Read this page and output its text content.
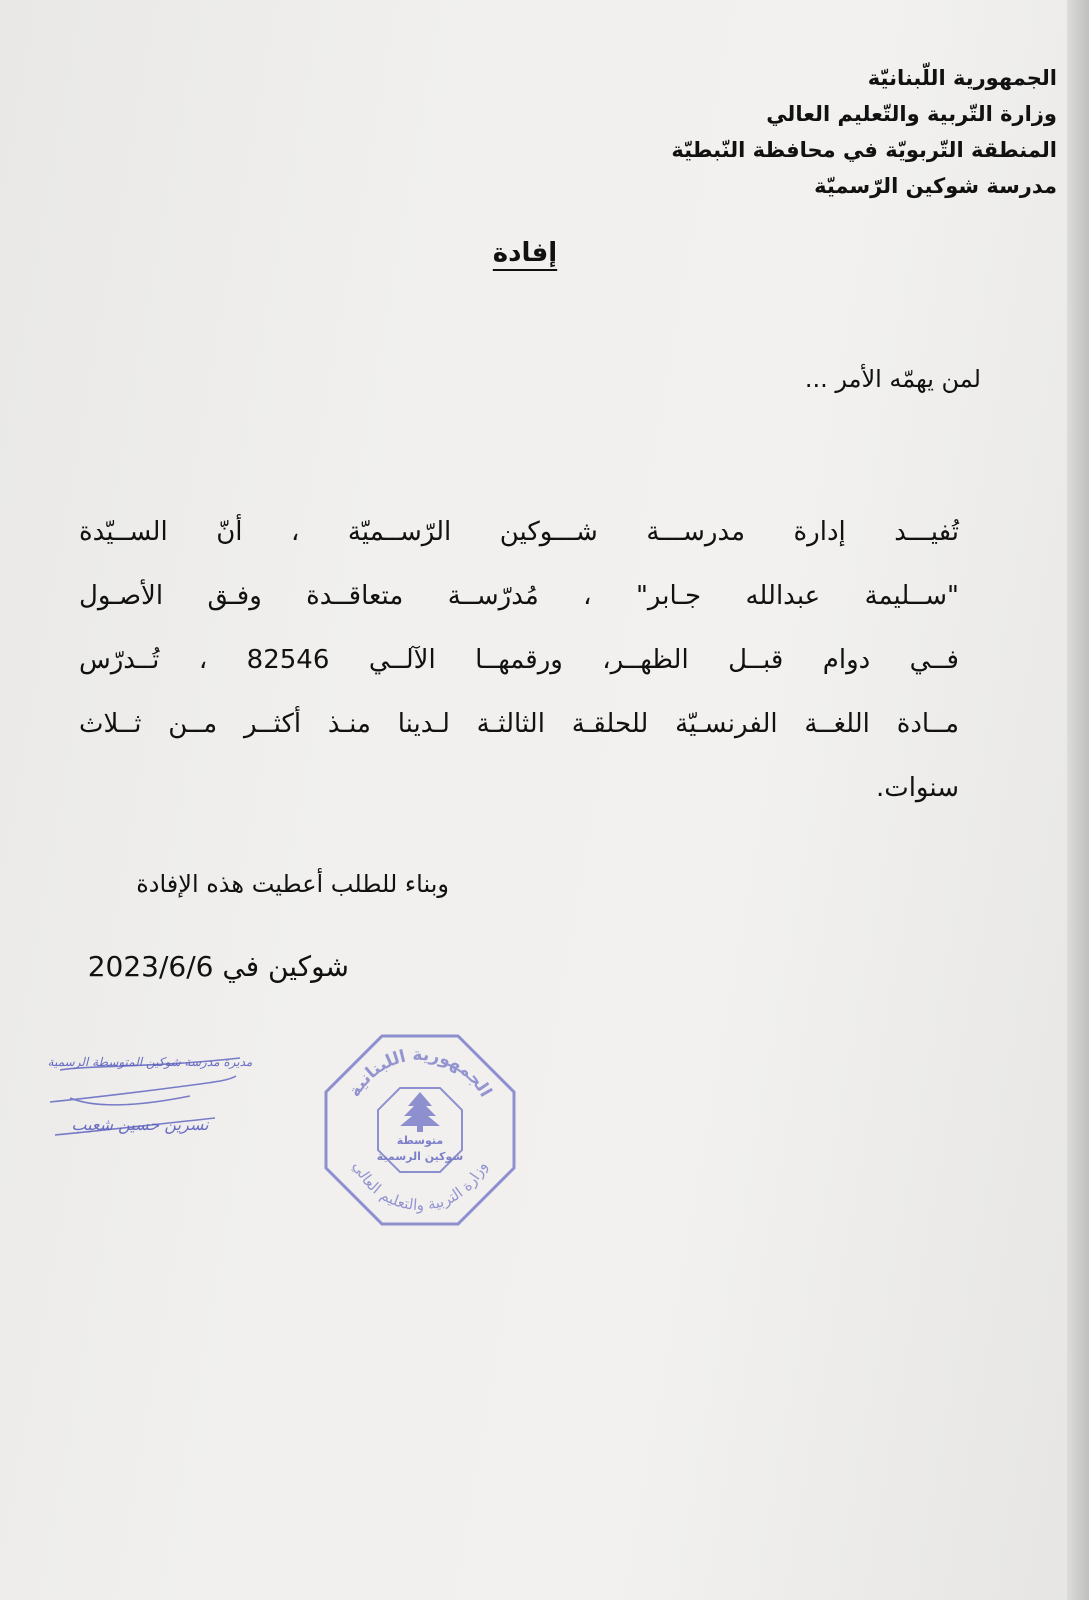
الجمهورية اللّبنانيّة
وزارة التّربية والتّعليم العالي
المنطقة التّربويّة في محافظة النّبطيّة
مدرسة شوكين الرّسميّة
إفادة
لمن يهمّه الأمر ...
تُفيـــد إدارة مدرســـة شـــوكين الرّســميّة ، أنّ الســيّدة
"ســليمة عبدالله جـابر" ، مُدرّســة متعاقــدة وفـق الأصـول
فــي دوام قبــل الظهــر، ورقمهــا الآلــي 82546 ، تُــدرّس
مــادة اللغــة الفرنسـيّة للحلقـة الثالثـة لـدينا منـذ أكثــر مــن ثــلاث
سنوات.
وبناء للطلب أعطيت هذه الإفادة
شوكين في 2023/6/6
الجمهورية اللبنانية
وزارة التربية والتعليم العالي
متوسطة
شوكين الرسمية
مديرة مدرسة شوكين المتوسطة الرسمية
نسرين حسين شعيب
